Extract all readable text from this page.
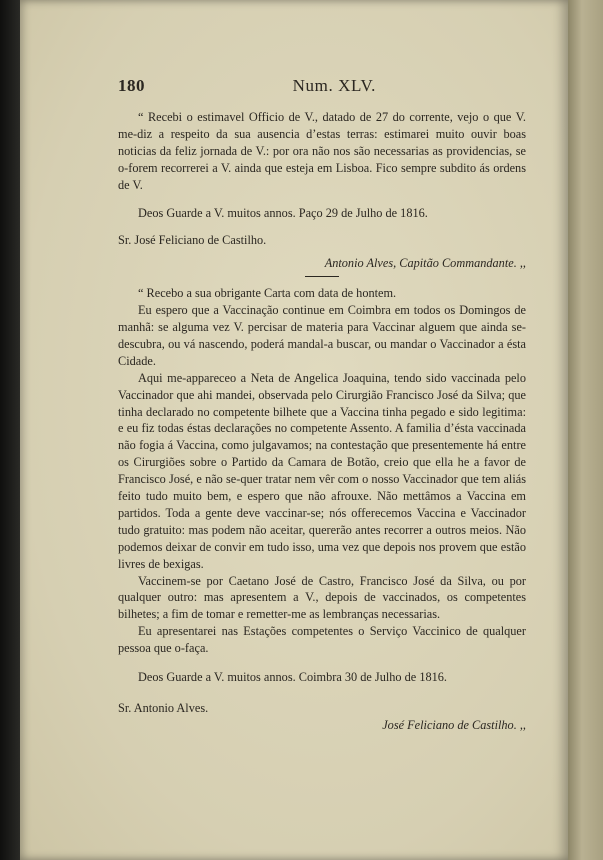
180	Num. XLV.

“ Recebi o estimavel Officio de V., datado de 27 do corrente, vejo o que V. me-diz a respeito da sua ausencia d’estas terras: estimarei muito ouvir boas noticias da feliz jornada de V.: por ora não nos são necessarias as providencias, se o-forem recorrerei a V. ainda que esteja em Lisboa. Fico sempre subdito ás ordens de V.

Deos Guarde a V. muitos annos. Paço 29 de Julho de 1816.

Sr. José Feliciano de Castilho.

Antonio Alves, Capitão Commandante. ,,

“ Recebo a sua obrigante Carta com data de hontem.

Eu espero que a Vaccinação continue em Coimbra em todos os Domingos de manhã: se alguma vez V. percisar de materia para Vaccinar alguem que ainda se-descubra, ou vá nascendo, poderá mandal-a buscar, ou mandar o Vaccinador a ésta Cidade.

Aqui me-appareceo a Neta de Angelica Joaquina, tendo sido vaccinada pelo Vaccinador que ahi mandei, observada pelo Cirurgião Francisco José da Silva; que tinha declarado no competente bilhete que a Vaccina tinha pegado e sido legitima: e eu fiz todas éstas declarações no competente Assento. A familia d’ésta vaccinada não fogia á Vaccina, como julgavamos; na contestação que presentemente há entre os Cirurgiões sobre o Partido da Camara de Botão, creio que ella he a favor de Francisco José, e não se-quer tratar nem vêr com o nosso Vaccinador que tem aliás feito tudo muito bem, e espero que não afrouxe. Não mettâmos a Vaccina em partidos. Toda a gente deve vaccinar-se; nós offerecemos Vaccina e Vaccinador tudo gratuito: mas podem não aceitar, quererão antes recorrer a outros meios. Não podemos deixar de convir em tudo isso, uma vez que depois nos provem que estão livres de bexigas.

Vaccinem-se por Caetano José de Castro, Francisco José da Silva, ou por qualquer outro: mas apresentem a V., depois de vaccinados, os competentes bilhetes; a fim de tomar e remetter-me as lembranças necessarias.

Eu apresentarei nas Estações competentes o Serviço Vaccinico de qualquer pessoa que o-faça.

Deos Guarde a V. muitos annos. Coimbra 30 de Julho de 1816.

Sr. Antonio Alves.

José Feliciano de Castilho. ,,
